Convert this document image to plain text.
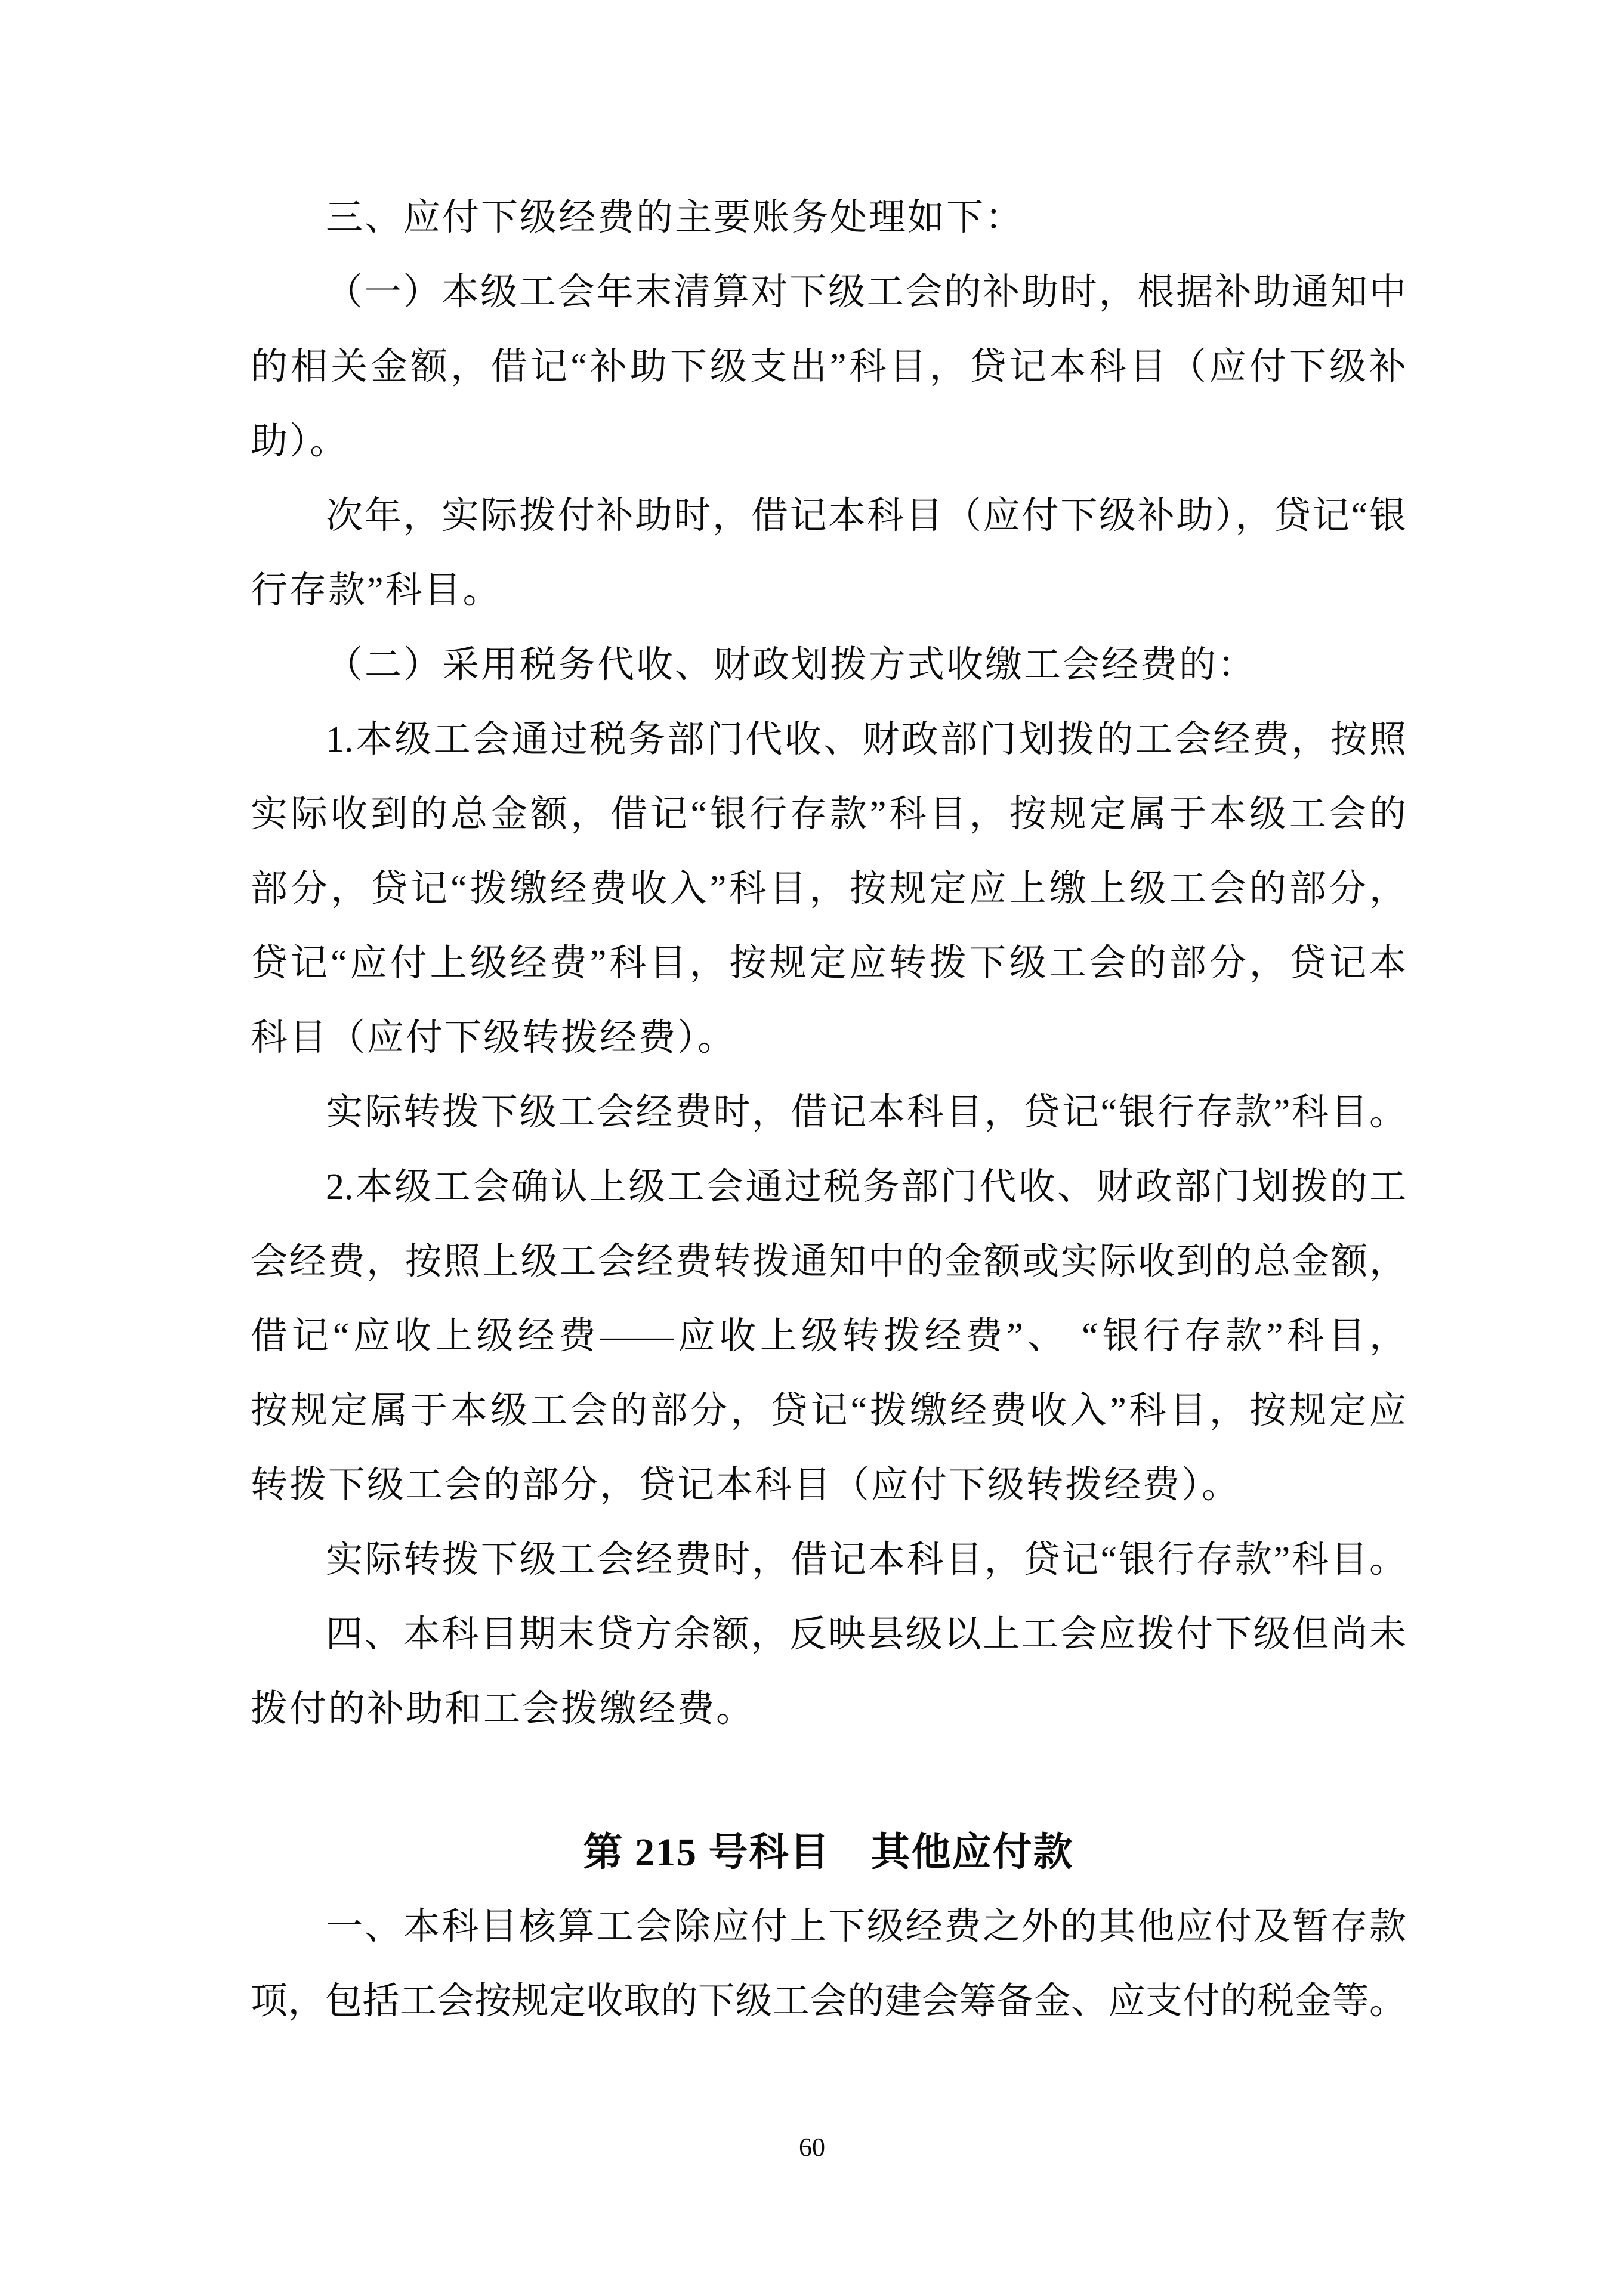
三、应付下级经费的主要账务处理如下：
（一）本级工会年末清算对下级工会的补助时，根据补助通知中
的相关金额，借记“补助下级支出”科目，贷记本科目（应付下级补
助）。
次年，实际拨付补助时，借记本科目（应付下级补助），贷记“银
行存款”科目。
（二）采用税务代收、财政划拨方式收缴工会经费的：
1.本级工会通过税务部门代收、财政部门划拨的工会经费，按照
实际收到的总金额，借记“银行存款”科目，按规定属于本级工会的
部分，贷记“拨缴经费收入”科目，按规定应上缴上级工会的部分，
贷记“应付上级经费”科目，按规定应转拨下级工会的部分，贷记本
科目（应付下级转拨经费）。
实际转拨下级工会经费时，借记本科目，贷记“银行存款”科目。
2.本级工会确认上级工会通过税务部门代收、财政部门划拨的工
会经费，按照上级工会经费转拨通知中的金额或实际收到的总金额，
借记“应收上级经费——应收上级转拨经费”、 “银行存款”科目，
按规定属于本级工会的部分，贷记“拨缴经费收入”科目，按规定应
转拨下级工会的部分，贷记本科目（应付下级转拨经费）。
实际转拨下级工会经费时，借记本科目，贷记“银行存款”科目。
四、本科目期末贷方余额，反映县级以上工会应拨付下级但尚未
拨付的补助和工会拨缴经费。
第 215 号科目　其他应付款
一、本科目核算工会除应付上下级经费之外的其他应付及暂存款
项，包括工会按规定收取的下级工会的建会筹备金、应支付的税金等。
60
